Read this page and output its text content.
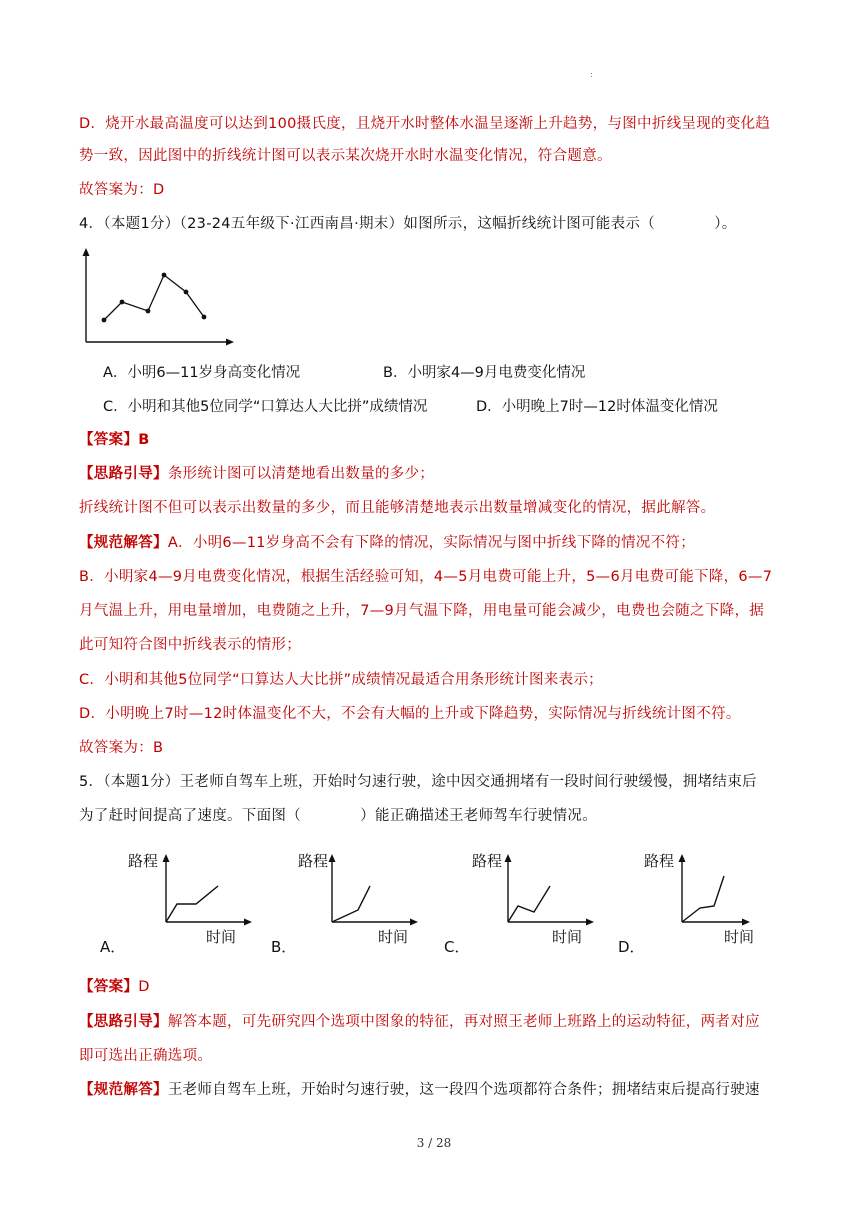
:
D．烧开水最高温度可以达到100摄氏度，且烧开水时整体水温呈逐渐上升趋势，与图中折线呈现的变化趋
势一致，因此图中的折线统计图可以表示某次烧开水时水温变化情况，符合题意。
故答案为：D
4．（本题1分）（23-24五年级下·江西南昌·期末）如图所示，这幅折线统计图可能表示（　　　　）。
A．小明6—11岁身高变化情况	B．小明家4—9月电费变化情况
C．小明和其他5位同学“口算达人大比拼”成绩情况	D．小明晚上7时—12时体温变化情况
【答案】B
【思路引导】条形统计图可以清楚地看出数量的多少；
折线统计图不但可以表示出数量的多少，而且能够清楚地表示出数量增减变化的情况，据此解答。
【规范解答】A．小明6—11岁身高不会有下降的情况，实际情况与图中折线下降的情况不符；
B．小明家4—9月电费变化情况，根据生活经验可知，4—5月电费可能上升，5—6月电费可能下降，6—7
月气温上升，用电量增加，电费随之上升，7—9月气温下降，用电量可能会减少，电费也会随之下降，据
此可知符合图中折线表示的情形；
C．小明和其他5位同学“口算达人大比拼”成绩情况最适合用条形统计图来表示；
D．小明晚上7时—12时体温变化不大，不会有大幅的上升或下降趋势，实际情况与折线统计图不符。
故答案为：B
5．（本题1分）王老师自驾车上班，开始时匀速行驶，途中因交通拥堵有一段时间行驶缓慢，拥堵结束后
为了赶时间提高了速度。下面图（　　　　）能正确描述王老师驾车行驶情况。
路程
时间
A．
路程
时间
B．
路程
时间
C．
路程
时间
D．
【答案】D
【思路引导】解答本题，可先研究四个选项中图象的特征，再对照王老师上班路上的运动特征，两者对应
即可选出正确选项。
【规范解答】王老师自驾车上班，开始时匀速行驶，这一段四个选项都符合条件；拥堵结束后提高行驶速
3 / 28
